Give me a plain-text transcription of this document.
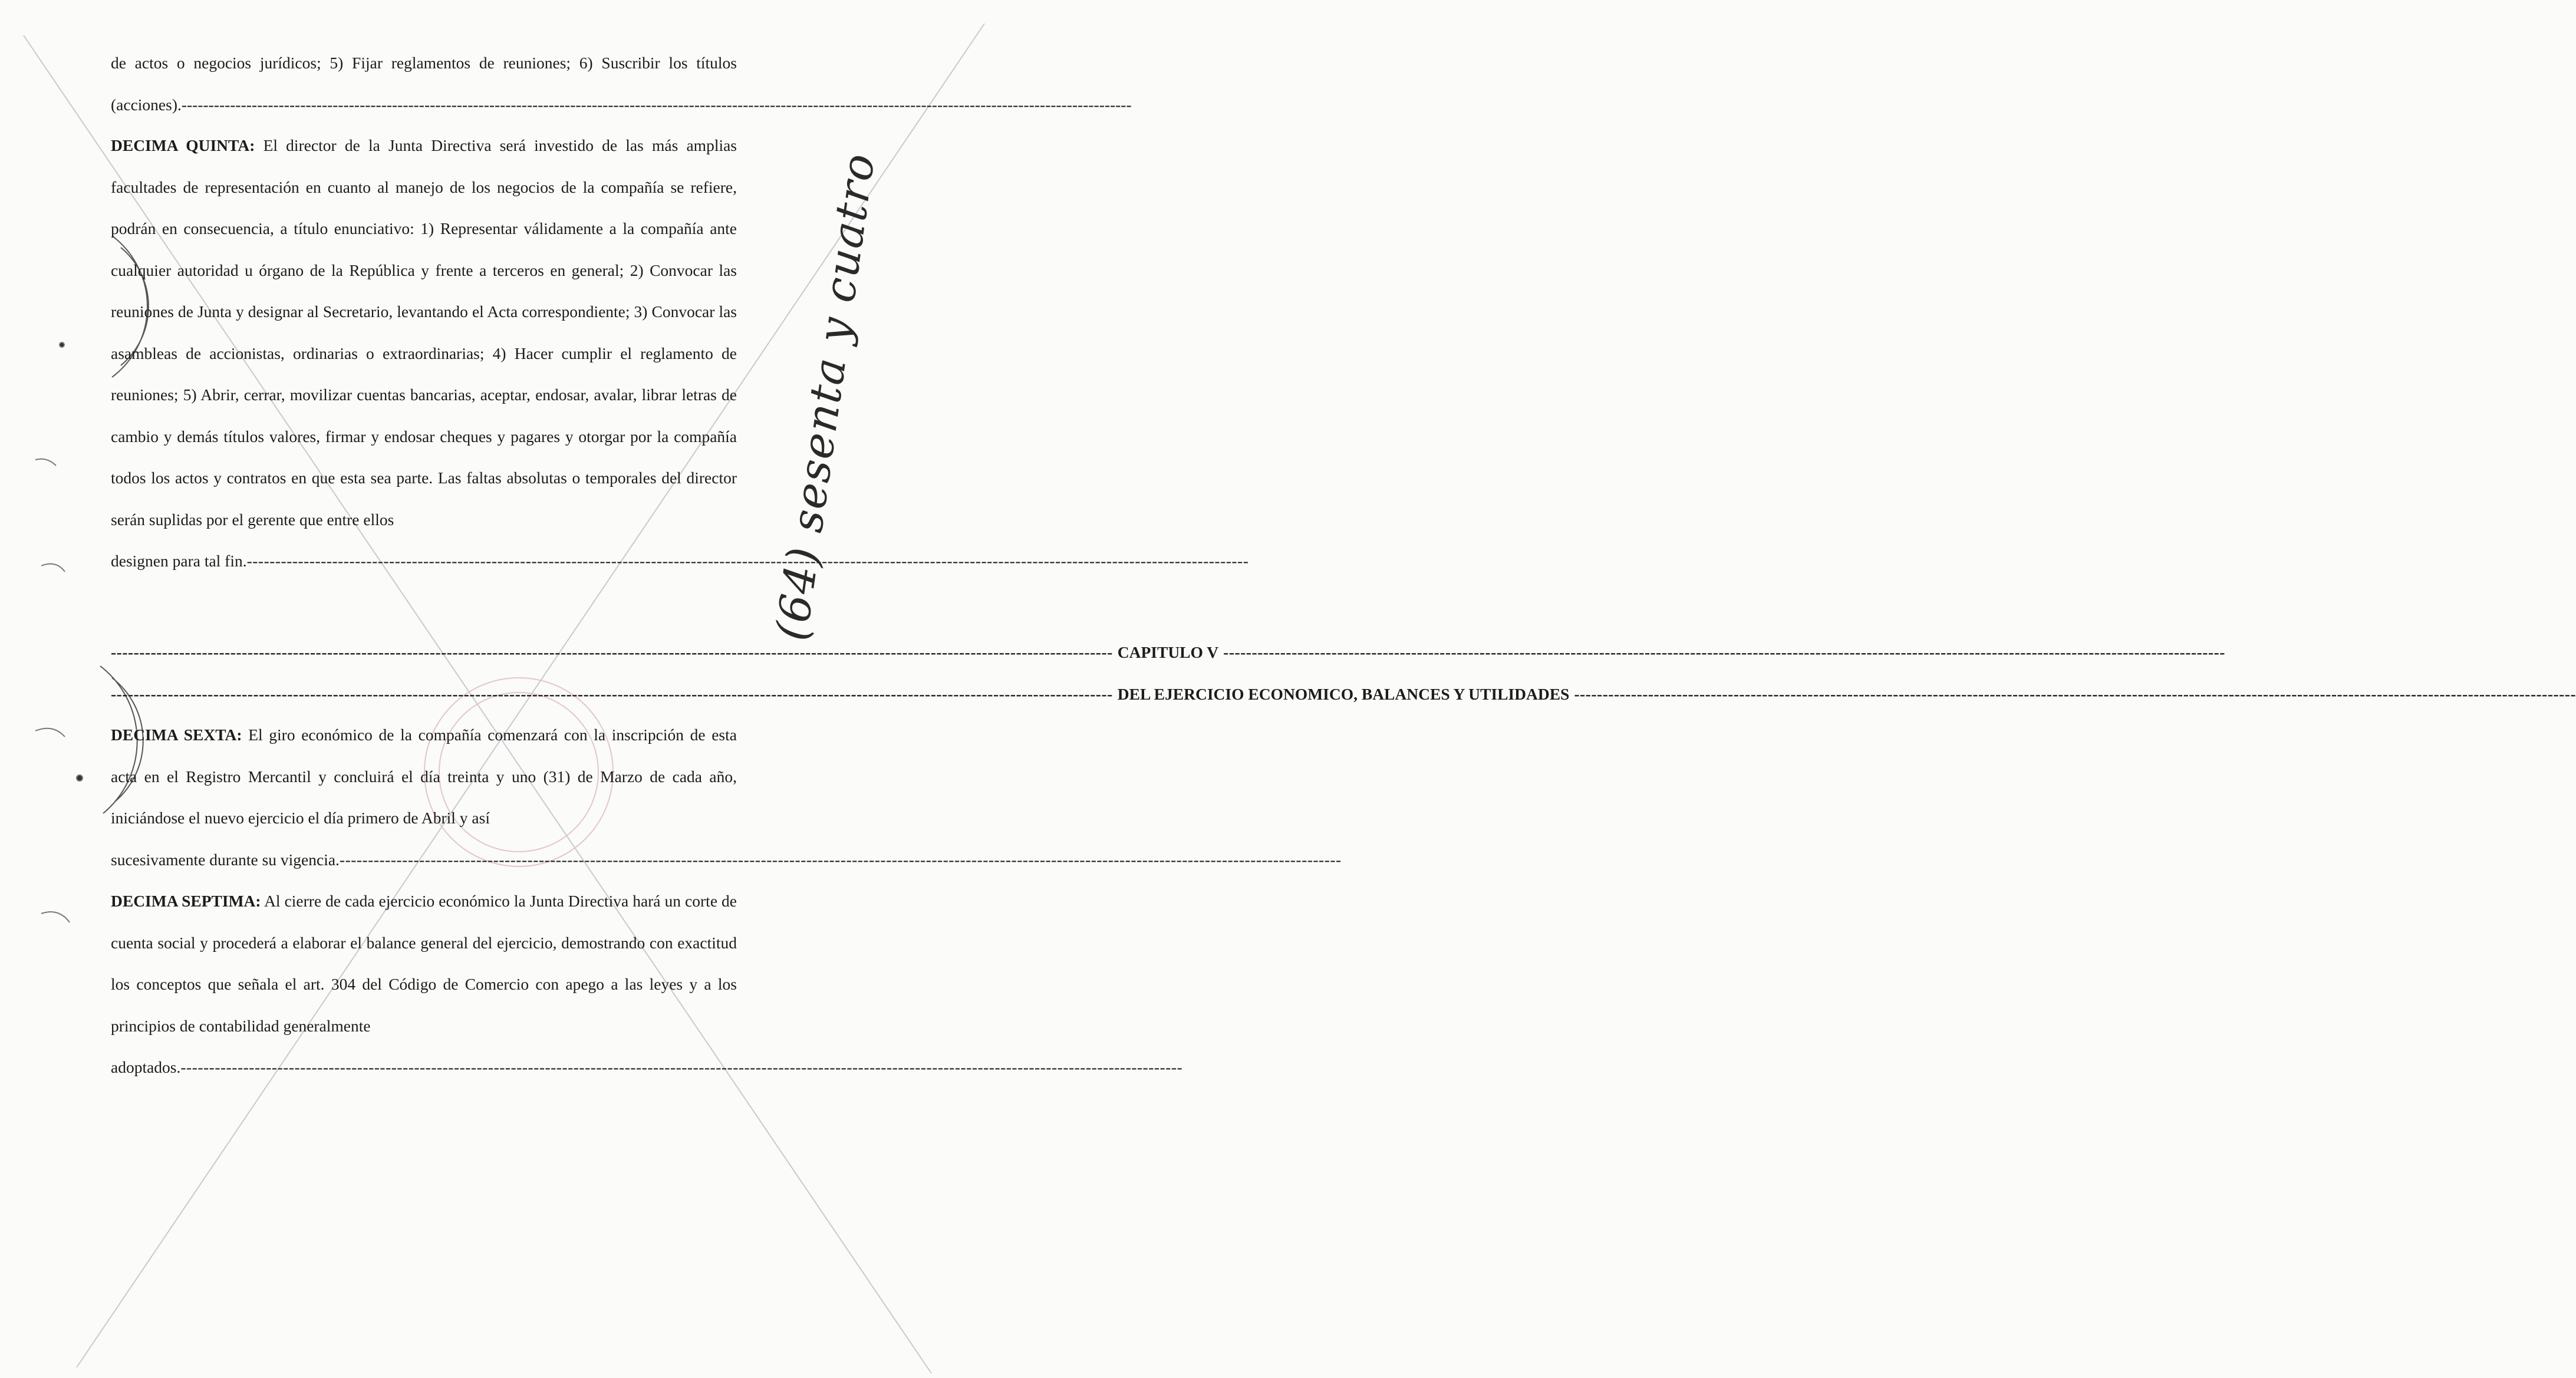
de actos o negocios jurídicos; 5) Fijar reglamentos de reuniones; 6) Suscribir los títulos (acciones).--------------------------------------------------------------------------------------------------------------------------------------------------------------------------------

DECIMA QUINTA: El director de la Junta Directiva será investido de las más amplias facultades de representación en cuanto al manejo de los negocios de la compañía se refiere, podrán en consecuencia, a título enunciativo: 1) Representar válidamente a la compañía ante cualquier autoridad u órgano de la República y frente a terceros en general; 2) Convocar las reuniones de Junta y designar al Secretario, levantando el Acta correspondiente; 3) Convocar las asambleas de accionistas, ordinarias o extraordinarias; 4) Hacer cumplir el reglamento de reuniones; 5) Abrir, cerrar, movilizar cuentas bancarias, aceptar, endosar, avalar, librar letras de cambio y demás títulos valores, firmar y endosar cheques y pagares y otorgar por la compañía todos los actos y contratos en que esta sea parte. Las faltas absolutas o temporales del director serán suplidas por el gerente que entre ellos

designen para tal fin. --------------------------------------------------------------------------------------------------------------------------------------------------------------------------------
-------------------------------------------------------------------------------------------------------------------------------------------------------------------------------- CAPITULO V --------------------------------------------------------------------------------------------------------------------------------------------------------------------------------
-------------------------------------------------------------------------------------------------------------------------------------------------------------------------------- DEL EJERCICIO ECONOMICO, BALANCES Y UTILIDADES --------------------------------------------------------------------------------------------------------------------------------------------------------------------------------

DECIMA SEXTA: El giro económico de la compañía comenzará con la inscripción de esta acta en el Registro Mercantil y concluirá el día treinta y uno (31) de Marzo de cada año, iniciándose el nuevo ejercicio el día primero de Abril y así

sucesivamente durante su vigencia. --------------------------------------------------------------------------------------------------------------------------------------------------------------------------------

DECIMA SEPTIMA: Al cierre de cada ejercicio económico la Junta Directiva hará un corte de cuenta social y procederá a elaborar el balance general del ejercicio, demostrando con exactitud los conceptos que señala el art. 304 del Código de Comercio con apego a las leyes y a los principios de contabilidad generalmente

adoptados. --------------------------------------------------------------------------------------------------------------------------------------------------------------------------------
(64) sesenta y cuatro
